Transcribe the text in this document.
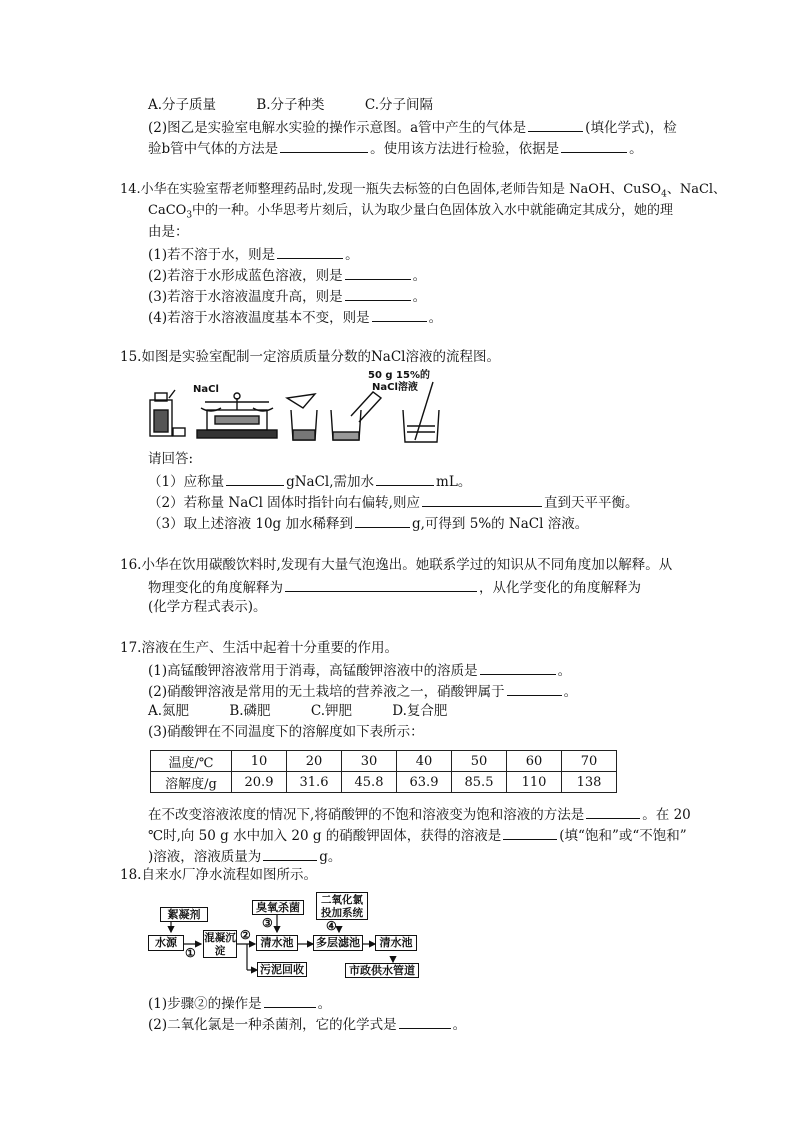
A.分子质量	B.分子种类	C.分子间隔
(2)图乙是实验室电解水实验的操作示意图。a管中产生的气体是	(填化学式)，检
验b管中气体的方法是	。使用该方法进行检验，依据是	。
14.小华在实验室帮老师整理药品时,发现一瓶失去标签的白色固体,老师告知是 NaOH、CuSO$_4$、NaCl、
CaCO$_3$中的一种。小华思考片刻后，认为取少量白色固体放入水中就能确定其成分，她的理
由是：
(1)若不溶于水，则是	。
(2)若溶于水形成蓝色溶液，则是	。
(3)若溶于水溶液温度升高，则是	。
(4)若溶于水溶液温度基本不变，则是	。
15.如图是实验室配制一定溶质质量分数的NaCl溶液的流程图。
NaCl
50 g 15%的
NaCl溶液
请回答:
（1）应称量	gNaCl,需加水	mL。
（2）若称量 NaCl 固体时指针向右偏转,则应	直到天平平衡。
（3）取上述溶液 10g 加水稀释到	g,可得到 5%的 NaCl 溶液。
16.小华在饮用碳酸饮料时,发现有大量气泡逸出。她联系学过的知识从不同角度加以解释。从
物理变化的角度解释为	，从化学变化的角度解释为
(化学方程式表示)。
17.溶液在生产、生活中起着十分重要的作用。
(1)高锰酸钾溶液常用于消毒，高锰酸钾溶液中的溶质是	。
(2)硝酸钾溶液是常用的无土栽培的营养液之一，硝酸钾属于	。
A.氮肥	B.磷肥	C.钾肥	D.复合肥
(3)硝酸钾在不同温度下的溶解度如下表所示：
温度/℃	10	20	30	40	50	60	70
溶解度/g	20.9	31.6	45.8	63.9	85.5	110	138
在不改变溶液浓度的情况下,将硝酸钾的不饱和溶液变为饱和溶液的方法是	。在 20
℃时,向 50 g 水中加入 20 g 的硝酸钾固体，获得的溶液是	(填“饱和”或“不饱和”
)溶液，溶液质量为	g。
18.自来水厂净水流程如图所示。
絮凝剂
水源
①
混凝沉淀
②
臭氧杀菌
③
清水池
二氧化氯投加系统
④
多层滤池	清水池
污泥回收	市政供水管道
(1)步骤②的操作是	。
(2)二氧化氯是一种杀菌剂，它的化学式是	。
